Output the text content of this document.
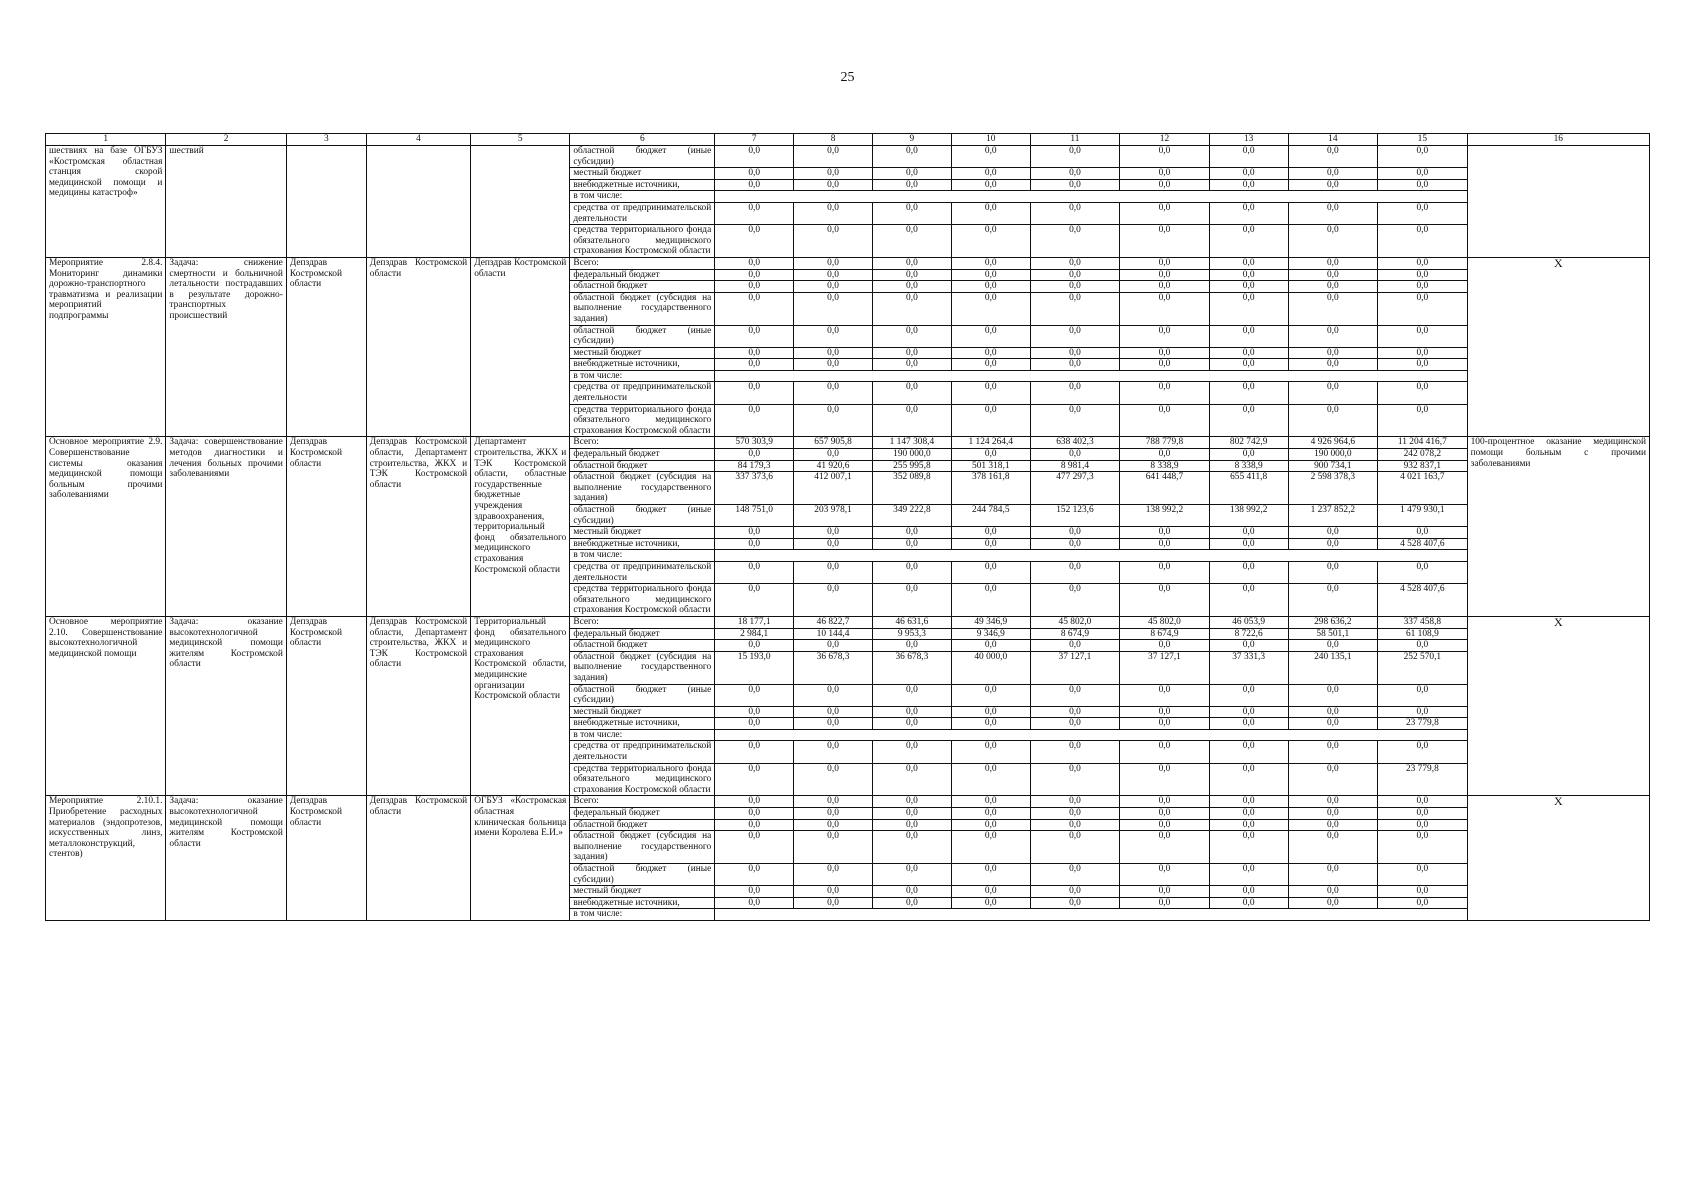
25
1	2	3	4	5	6	7	8	9	10	11	12	13	14	15	16
шествиях на базе ОГБУЗ «Костромская областная станция скорой медицинской помощи и медицины катастроф»	шествий				областной бюджет (иные субсидии)	0,0	0,0	0,0	0,0	0,0	0,0	0,0	0,0	0,0	
					местный бюджет	0,0	0,0	0,0	0,0	0,0	0,0	0,0	0,0	0,0	
					внебюджетные источники,	0,0	0,0	0,0	0,0	0,0	0,0	0,0	0,0	0,0	
					в том числе:										
					средства от предпринимательской деятельности	0,0	0,0	0,0	0,0	0,0	0,0	0,0	0,0	0,0	
					средства территориального фонда обязательного медицинского страхования Костромской области	0,0	0,0	0,0	0,0	0,0	0,0	0,0	0,0	0,0	
Мероприятие 2.8.4. Мониторинг динамики дорожно-транспортного травматизма и реализации мероприятий подпрограммы	Задача: снижение смертности и больничной летальности пострадавших в результате дорожно-транспортных происшествий	Депздрав Костромской области	Депздрав Костромской области	Депздрав Костромской области	Всего:	0,0	0,0	0,0	0,0	0,0	0,0	0,0	0,0	0,0	X
					федеральный бюджет	0,0	0,0	0,0	0,0	0,0	0,0	0,0	0,0	0,0	
					областной бюджет	0,0	0,0	0,0	0,0	0,0	0,0	0,0	0,0	0,0	
					областной бюджет (субсидия на выполнение государственного задания)	0,0	0,0	0,0	0,0	0,0	0,0	0,0	0,0	0,0	
					областной бюджет (иные субсидии)	0,0	0,0	0,0	0,0	0,0	0,0	0,0	0,0	0,0	
					местный бюджет	0,0	0,0	0,0	0,0	0,0	0,0	0,0	0,0	0,0	
					внебюджетные источники,	0,0	0,0	0,0	0,0	0,0	0,0	0,0	0,0	0,0	
					в том числе:										
					средства от предпринимательской деятельности	0,0	0,0	0,0	0,0	0,0	0,0	0,0	0,0	0,0	
					средства территориального фонда обязательного медицинского страхования Костромской области	0,0	0,0	0,0	0,0	0,0	0,0	0,0	0,0	0,0	
Основное мероприятие 2.9. Совершенствование системы оказания медицинской помощи больным прочими заболеваниями	Задача: совершенствование методов диагностики и лечения больных прочими заболеваниями	Депздрав Костромской области	Депздрав Костромской области, Департамент строительства, ЖКХ и ТЭК Костромской области	Департамент строительства, ЖКХ и ТЭК Костромской области, областные государственные бюджетные учреждения здравоохранения, территориальный фонд обязательного медицинского страхования Костромской области	Всего:	570 303,9	657 905,8	1 147 308,4	1 124 264,4	638 402,3	788 779,8	802 742,9	4 926 964,6	11 204 416,7	100-процентное оказание медицинской помощи больным с прочими заболеваниями
					федеральный бюджет	0,0	0,0	190 000,0	0,0	0,0	0,0	0,0	190 000,0	242 078,2	
					областной бюджет	84 179,3	41 920,6	255 995,8	501 318,1	8 981,4	8 338,9	8 338,9	900 734,1	932 837,1	
					областной бюджет (субсидия на выполнение государственного задания)	337 373,6	412 007,1	352 089,8	378 161,8	477 297,3	641 448,7	655 411,8	2 598 378,3	4 021 163,7	
					областной бюджет (иные субсидии)	148 751,0	203 978,1	349 222,8	244 784,5	152 123,6	138 992,2	138 992,2	1 237 852,2	1 479 930,1	
					местный бюджет	0,0	0,0	0,0	0,0	0,0	0,0	0,0	0,0	0,0	
					внебюджетные источники,	0,0	0,0	0,0	0,0	0,0	0,0	0,0	0,0	4 528 407,6	
					в том числе:										
					средства от предпринимательской деятельности	0,0	0,0	0,0	0,0	0,0	0,0	0,0	0,0	0,0	
					средства территориального фонда обязательного медицинского страхования Костромской области	0,0	0,0	0,0	0,0	0,0	0,0	0,0	0,0	4 528 407,6	
Основное мероприятие 2.10. Совершенствование высокотехнологичной медицинской помощи	Задача: оказание высокотехнологичной медицинской помощи жителям Костромской области	Депздрав Костромской области	Депздрав Костромской области, Департамент строительства, ЖКХ и ТЭК Костромской области	Территориальный фонд обязательного медицинского страхования Костромской области, медицинские организации Костромской области	Всего:	18 177,1	46 822,7	46 631,6	49 346,9	45 802,0	45 802,0	46 053,9	298 636,2	337 458,8	X
					федеральный бюджет	2 984,1	10 144,4	9 953,3	9 346,9	8 674,9	8 674,9	8 722,6	58 501,1	61 108,9	
					областной бюджет	0,0	0,0	0,0	0,0	0,0	0,0	0,0	0,0	0,0	
					областной бюджет (субсидия на выполнение государственного задания)	15 193,0	36 678,3	36 678,3	40 000,0	37 127,1	37 127,1	37 331,3	240 135,1	252 570,1	
					областной бюджет (иные субсидии)	0,0	0,0	0,0	0,0	0,0	0,0	0,0	0,0	0,0	
					местный бюджет	0,0	0,0	0,0	0,0	0,0	0,0	0,0	0,0	0,0	
					внебюджетные источники,	0,0	0,0	0,0	0,0	0,0	0,0	0,0	0,0	23 779,8	
					в том числе:										
					средства от предпринимательской деятельности	0,0	0,0	0,0	0,0	0,0	0,0	0,0	0,0	0,0	
					средства территориального фонда обязательного медицинского страхования Костромской области	0,0	0,0	0,0	0,0	0,0	0,0	0,0	0,0	23 779,8	
Мероприятие 2.10.1. Приобретение расходных материалов (эндопротезов, искусственных линз, металлоконструкций, стентов)	Задача: оказание высокотехнологичной медицинской помощи жителям Костромской области	Депздрав Костромской области	Депздрав Костромской области	ОГБУЗ «Костромская областная клиническая больница имени Королева Е.И.»	Всего:	0,0	0,0	0,0	0,0	0,0	0,0	0,0	0,0	0,0	X
					федеральный бюджет	0,0	0,0	0,0	0,0	0,0	0,0	0,0	0,0	0,0	
					областной бюджет	0,0	0,0	0,0	0,0	0,0	0,0	0,0	0,0	0,0	
					областной бюджет (субсидия на выполнение государственного задания)	0,0	0,0	0,0	0,0	0,0	0,0	0,0	0,0	0,0	
					областной бюджет (иные субсидии)	0,0	0,0	0,0	0,0	0,0	0,0	0,0	0,0	0,0	
					местный бюджет	0,0	0,0	0,0	0,0	0,0	0,0	0,0	0,0	0,0	
					внебюджетные источники,	0,0	0,0	0,0	0,0	0,0	0,0	0,0	0,0	0,0	
					в том числе:										
